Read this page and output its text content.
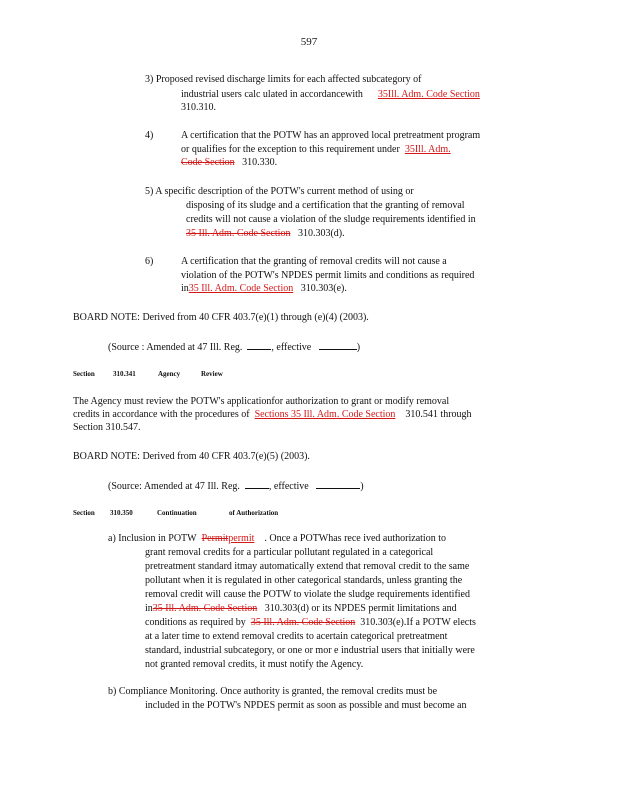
597
3) Proposed revised discharge limits for each affected subcategory of
industrial users calc ulated in accordancewith 35Ill. Adm. Code Section
310.310.
4)	A certification that the POTW has an approved local pretreatment program
or qualifies for the exception to this requirement under 35Ill. Adm.
Code Section 310.330.
5) A specific description of the POTW's current method of using or
disposing of its sludge and a certification that the granting of removal
credits will not cause a violation of the sludge requirements identified in
35 Ill. Adm. Code Section 310.303(d).
6)	A certification that the granting of removal credits will not cause a
violation of the POTW's NPDES permit limits and conditions as required
in35 Ill. Adm. Code Section 310.303(e).
BOARD NOTE: Derived from 40 CFR 403.7(e)(1) through (e)(4) (2003).
(Source : Amended at 47 Ill. Reg.	, effective	)
Section	310.341	Agency	Review
The Agency must review the POTW's applicationfor authorization to grant or modify removal
credits in accordance with the procedures of Sections 35 Ill. Adm. Code Section 310.541 through
Section 310.547.
BOARD NOTE: Derived from 40 CFR 403.7(e)(5) (2003).
(Source: Amended at 47 Ill. Reg.	, effective	)
Section 310.350	Continuation	of Authorization
a) Inclusion in POTW Permitpermit . Once a POTWhas rece ived authorization to
grant removal credits for a particular pollutant regulated in a categorical
pretreatment standard itmay automatically extend that removal credit to the same
pollutant when it is regulated in other categorical standards, unless granting the
removal credit will cause the POTW to violate the sludge requirements identified
in35 Ill. Adm. Code Section 310.303(d) or its NPDES permit limitations and
conditions as required by 35 Ill. Adm. Code Section 310.303(e).If a POTW elects
at a later time to extend removal credits to acertain categorical pretreatment
standard, industrial subcategory, or one or mor e industrial users that initially were
not granted removal credits, it must notify the Agency.
b) Compliance Monitoring. Once authority is granted, the removal credits must be
included in the POTW's NPDES permit as soon as possible and must become an
